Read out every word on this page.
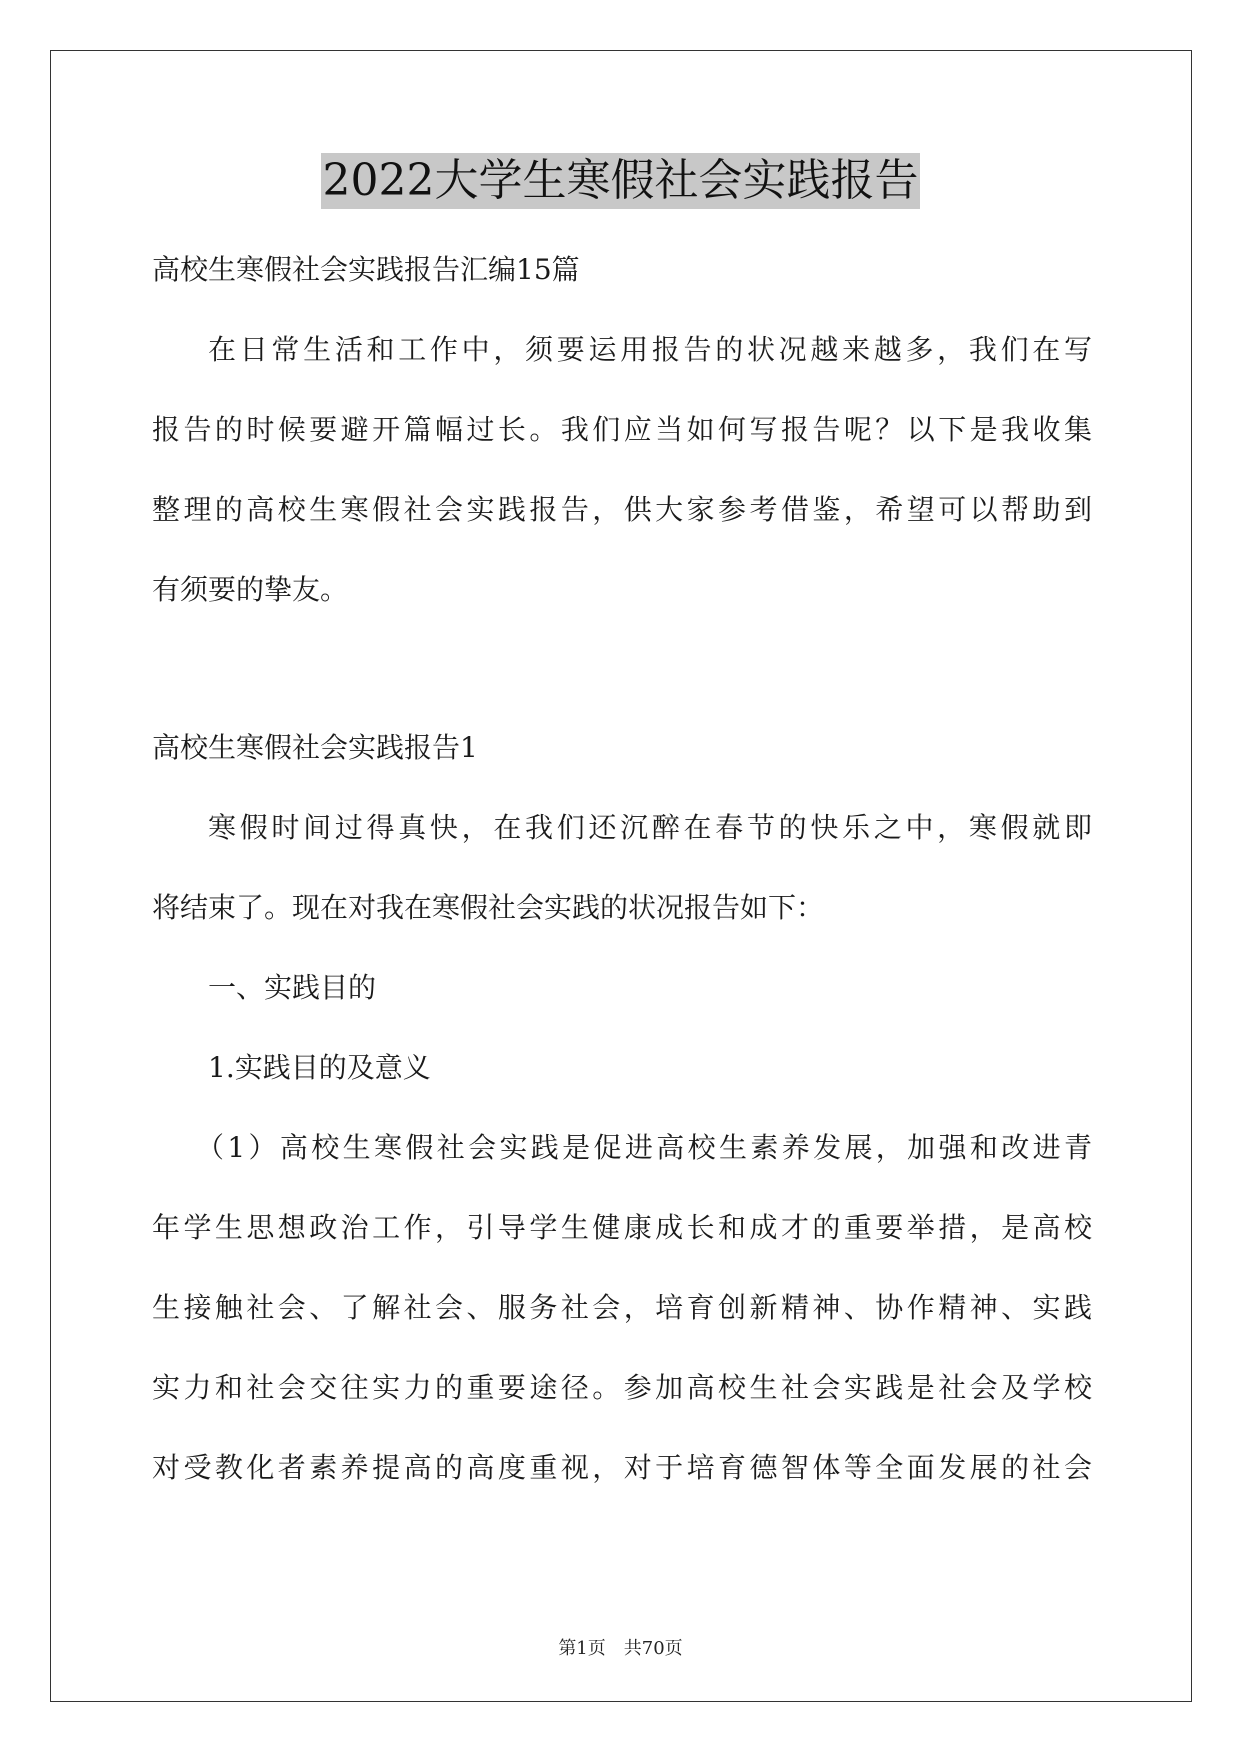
2022大学生寒假社会实践报告
高校生寒假社会实践报告汇编15篇
在日常生活和工作中，须要运用报告的状况越来越多，我们在写
报告的时候要避开篇幅过长。我们应当如何写报告呢？以下是我收集
整理的高校生寒假社会实践报告，供大家参考借鉴，希望可以帮助到
有须要的挚友。
高校生寒假社会实践报告1
寒假时间过得真快，在我们还沉醉在春节的快乐之中，寒假就即
将结束了。现在对我在寒假社会实践的状况报告如下：
一、实践目的
1.实践目的及意义
（1）高校生寒假社会实践是促进高校生素养发展，加强和改进青
年学生思想政治工作，引导学生健康成长和成才的重要举措，是高校
生接触社会、了解社会、服务社会，培育创新精神、协作精神、实践
实力和社会交往实力的重要途径。参加高校生社会实践是社会及学校
对受教化者素养提高的高度重视，对于培育德智体等全面发展的社会
第1页　共70页
